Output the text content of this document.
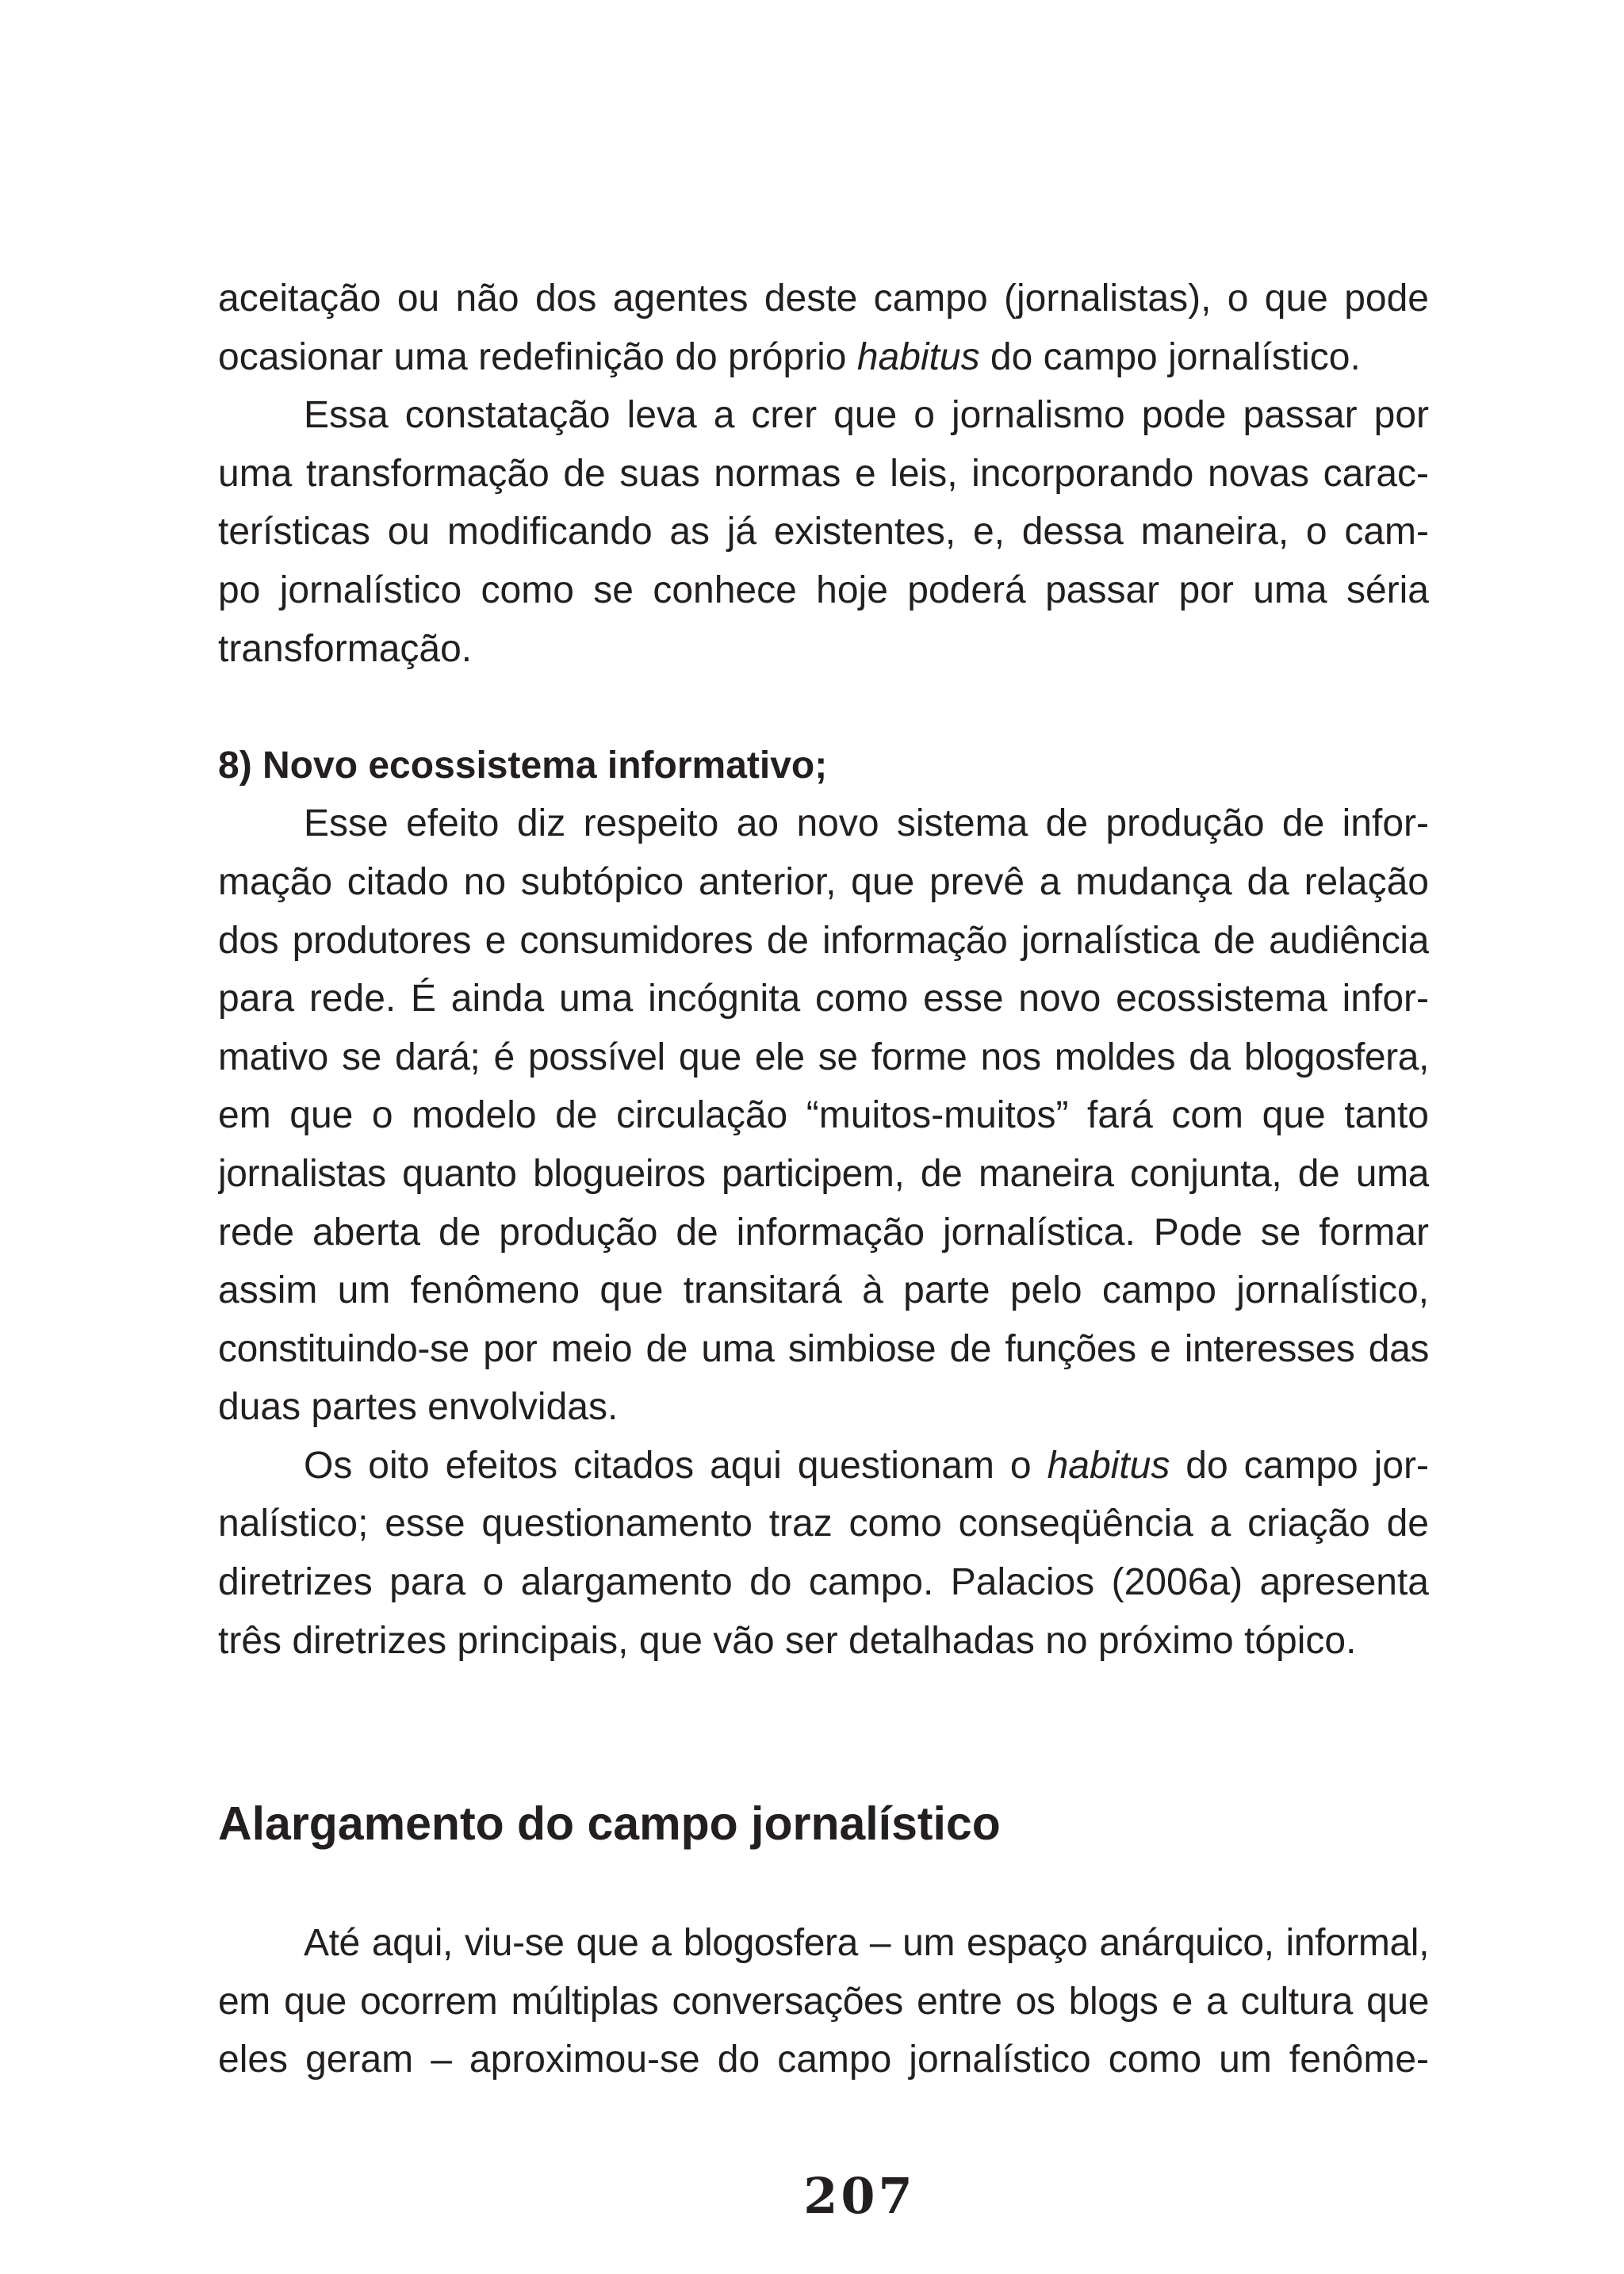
aceitação ou não dos agentes deste campo (jornalistas), o que pode
ocasionar uma redefinição do próprio habitus do campo jornalístico.
Essa constatação leva a crer que o jornalismo pode passar por
uma transformação de suas normas e leis, incorporando novas carac-
terísticas ou modificando as já existentes, e, dessa maneira, o cam-
po jornalístico como se conhece hoje poderá passar por uma séria
transformação.
8) Novo ecossistema informativo;
Esse efeito diz respeito ao novo sistema de produção de infor-
mação citado no subtópico anterior, que prevê a mudança da relação
dos produtores e consumidores de informação jornalística de audiência
para rede. É ainda uma incógnita como esse novo ecossistema infor-
mativo se dará; é possível que ele se forme nos moldes da blogosfera,
em que o modelo de circulação “muitos-muitos” fará com que tanto
jornalistas quanto blogueiros participem, de maneira conjunta, de uma
rede aberta de produção de informação jornalística. Pode se formar
assim um fenômeno que transitará à parte pelo campo jornalístico,
constituindo-se por meio de uma simbiose de funções e interesses das
duas partes envolvidas.
Os oito efeitos citados aqui questionam o habitus do campo jor-
nalístico; esse questionamento traz como conseqüência a criação de
diretrizes para o alargamento do campo. Palacios (2006a) apresenta
três diretrizes principais, que vão ser detalhadas no próximo tópico.
Alargamento do campo jornalístico
Até aqui, viu-se que a blogosfera – um espaço anárquico, informal,
em que ocorrem múltiplas conversações entre os blogs e a cultura que
eles geram – aproximou-se do campo jornalístico como um fenôme-
207
